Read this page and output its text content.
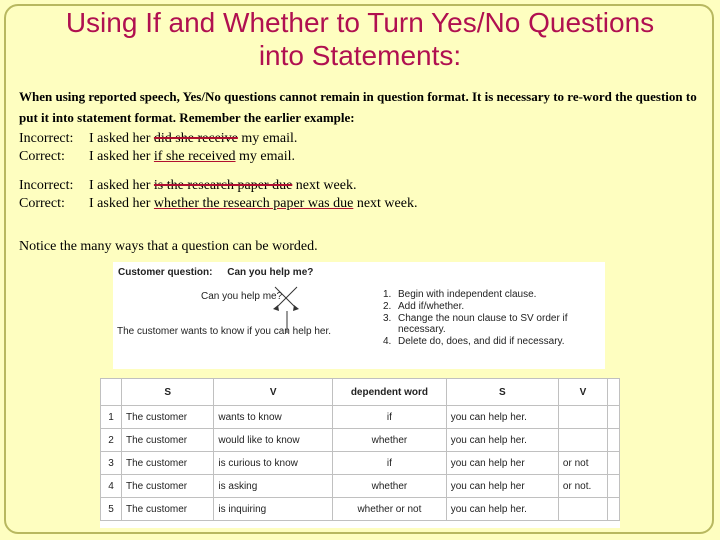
Using If and Whether to Turn Yes/No Questions into Statements:

When using reported speech, Yes/No questions cannot remain in question format. It is necessary to re-word the question to put it into statement format. Remember the earlier example:

Incorrect:	I asked her did she receive my email.
Correct:	I asked her if she received my email.
Incorrect:	I asked her is the research paper due next week.
Correct:	I asked her whether the research paper was due next week.
Notice the many ways that a question can be worded.
Customer question: Can you help me?
Can you help me?
The customer wants to know if you can help her.
1. Begin with independent clause.
2. Add if/whether.
3. Change the noun clause to SV order if necessary.
4. Delete do, does, and did if necessary.
	S	V	dependent word	S	V	
1	The customer	wants to know	if	you can help her.		
2	The customer	would like to know	whether	you can help her.		
3	The customer	is curious to know	if	you can help her	or not	
4	The customer	is asking	whether	you can help her	or not.	
5	The customer	is inquiring	whether or not	you can help her.		
